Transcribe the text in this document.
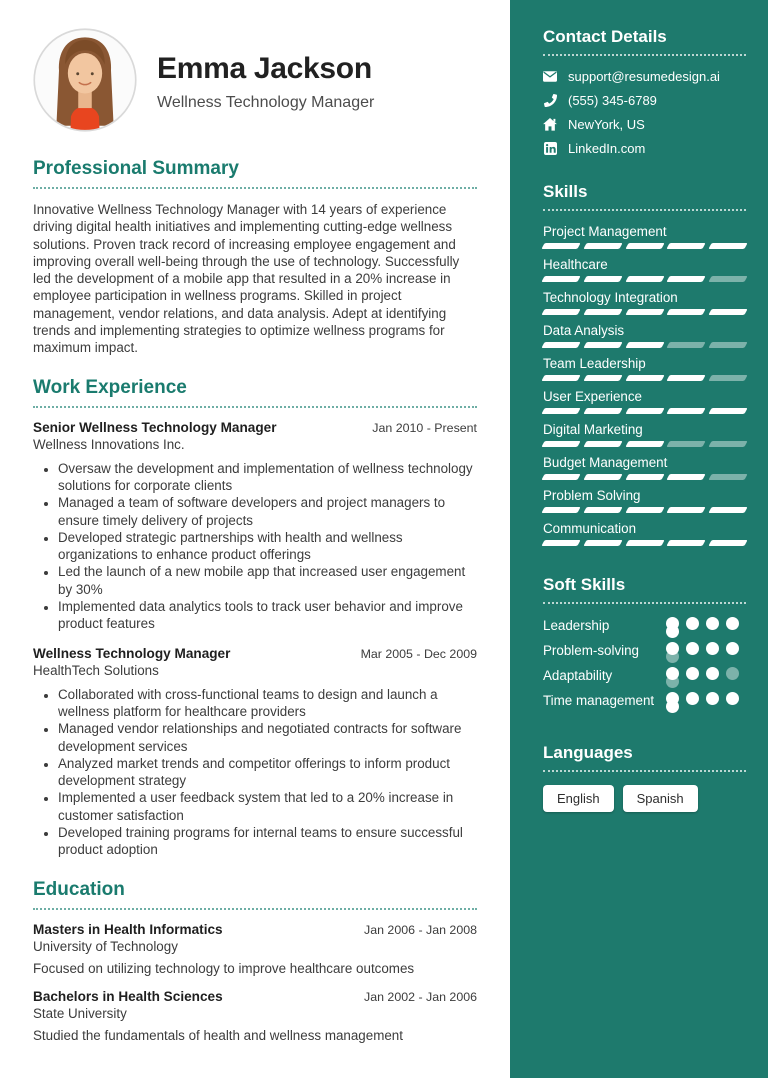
Emma Jackson
Wellness Technology Manager
Professional Summary

Innovative Wellness Technology Manager with 14 years of experience driving digital health initiatives and implementing cutting-edge wellness solutions. Proven track record of increasing employee engagement and improving overall well-being through the use of technology. Successfully led the development of a mobile app that resulted in a 20% increase in employee participation in wellness programs. Skilled in project management, vendor relations, and data analysis. Adept at identifying trends and implementing strategies to optimize wellness programs for maximum impact.

Work Experience
Senior Wellness Technology Manager	Jan 2010 - Present
Wellness Innovations Inc.
• Oversaw the development and implementation of wellness technology solutions for corporate clients
• Managed a team of software developers and project managers to ensure timely delivery of projects
• Developed strategic partnerships with health and wellness organizations to enhance product offerings
• Led the launch of a new mobile app that increased user engagement by 30%
• Implemented data analytics tools to track user behavior and improve product features
Wellness Technology Manager	Mar 2005 - Dec 2009
HealthTech Solutions
• Collaborated with cross-functional teams to design and launch a wellness platform for healthcare providers
• Managed vendor relationships and negotiated contracts for software development services
• Analyzed market trends and competitor offerings to inform product development strategy
• Implemented a user feedback system that led to a 20% increase in customer satisfaction
• Developed training programs for internal teams to ensure successful product adoption
Education
Masters in Health Informatics	Jan 2006 - Jan 2008
University of Technology
Focused on utilizing technology to improve healthcare outcomes
Bachelors in Health Sciences	Jan 2002 - Jan 2006
State University
Studied the fundamentals of health and wellness management
Contact Details
support@resumedesign.ai
(555) 345-6789
NewYork, US
LinkedIn.com
Skills
Project Management
Healthcare
Technology Integration
Data Analysis
Team Leadership
User Experience
Digital Marketing
Budget Management
Problem Solving
Communication
Soft Skills
Leadership
Problem-solving
Adaptability
Time management
Languages
English	Spanish
